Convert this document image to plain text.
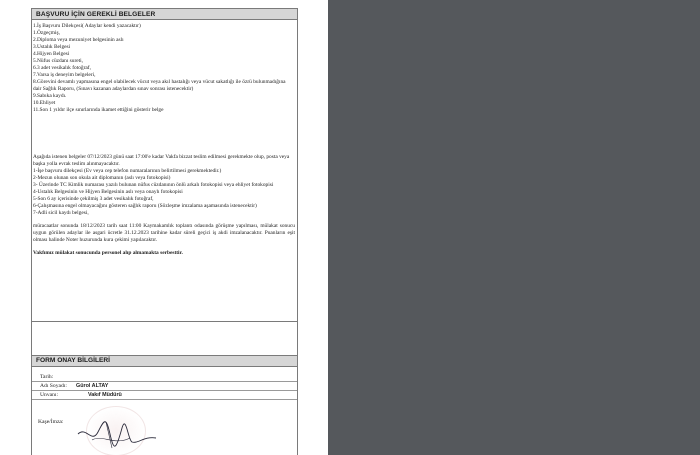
BAŞVURU İÇİN GEREKLİ BELGELER
1.İş Başvuru Dilekçesi( Adaylar kendi yazacaktır)
1.Özgeçmiş,
2.Diploma veya mezuniyet belgesinin aslı
3.Ustalık Belgesi
4.Hijyen Belgesi
5.Nüfus cüzdanı sureti,
6.3 adet vesikalık fotoğraf,
7.Varsa iş deneyim belgeleri,
8.Görevini devamlı yapmasına engel olabilecek vücut veya akıl hastalığı veya vücut sakatlığı ile özrü bulunmadığına dair Sağlık Raporu, (Sınavı kazanan adaylardan sınav sonrası istenecektir)
9.Sabıka kaydı.
10.Ehliyet
11.Son 1 yıldır ilçe sınırlarında ikamet ettiğini gösterir belge
Aşağıda istenen belgeler 07/12/2023 günü saat 17:00'e kadar Vakfa bizzat teslim edilmesi gerekmekte olup, posta veya başka yolla evrak teslim alınmayacaktır.
1-İşe başvuru dilekçesi (Ev veya cep telefon numaralarının belirtilmesi gerekmektedir.)
2-Mezun olunan son okula ait diplomanın (aslı veya fotokopisi)
3- Üzerinde TC Kimlik numarası yazılı bulunan nüfus cüzdanının önlü arkalı fotokopisi veya ehliyet fotokopisi
4-Ustalık Belgesinin ve Hijyen Belgesinin aslı veya onaylı fotokopisi
5-Son 6 ay içerisinde çekilmiş 3 adet vesikalık fotoğraf,
6-Çalışmasına engel olmayacağını gösteren sağlık raporu (Sözleşme imzalama aşamasında istenecektir)
7-Adli sicil kaydı belgesi,
müracaatlar sonunda 18/12/2023 tarih saat 11:00 Kaymakamlık toplantı odasında görüşme yapılması, mülakat sonucu uygun görülen adaylar ile asgari ücretle 31.12.2023 tarihine kadar süreli geçici iş akdi imzalanacaktır. Puanların eşit olması halinde Noter huzurunda kura çekimi yapılacaktır.
Vakfımız mülakat sonucunda personel alıp almamakta serbesttir.
FORM ONAY BİLGİLERİ
Tarih:
Adı Soyadı: Gürol ALTAY
Unvanı:	Vakıf Müdürü
Kaşe/İmza:
